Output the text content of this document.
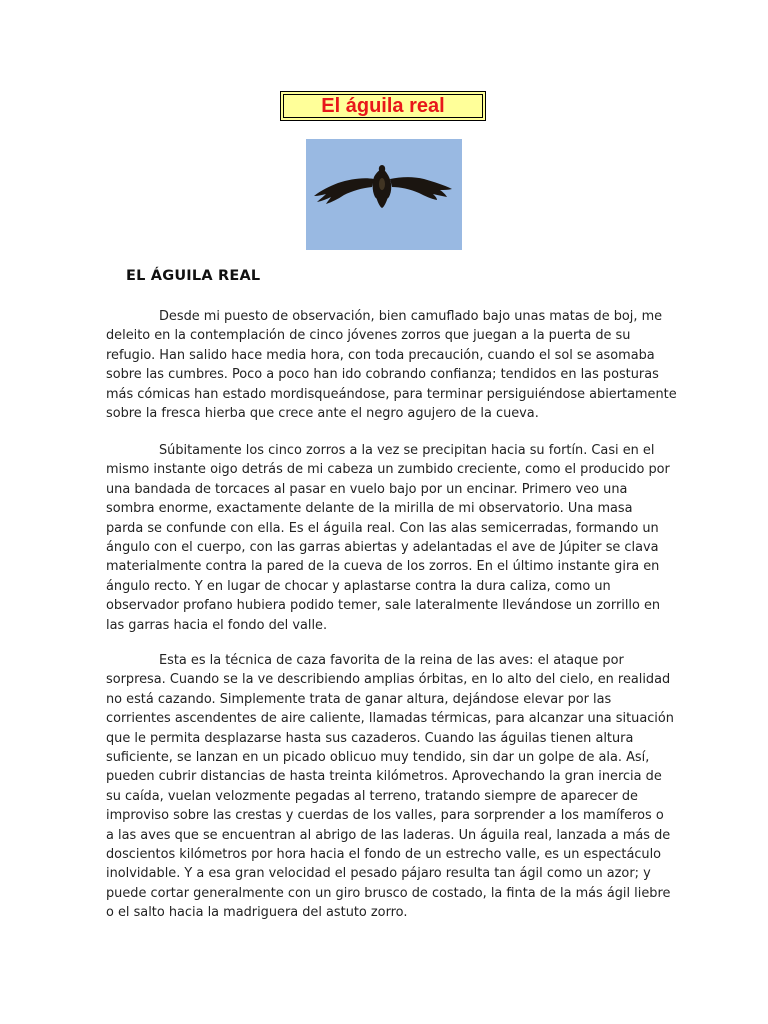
El águila real
EL ÁGUILA REAL
Desde mi puesto de observación, bien camuflado bajo unas matas de boj, me
deleito en la contemplación de cinco jóvenes zorros que juegan a la puerta de su
refugio. Han salido hace media hora, con toda precaución, cuando el sol se asomaba
sobre las cumbres. Poco a poco han ido cobrando confianza; tendidos en las posturas
más cómicas han estado mordisqueándose, para terminar persiguiéndose abiertamente
sobre la fresca hierba que crece ante el negro agujero de la cueva.
Súbitamente los cinco zorros a la vez se precipitan hacia su fortín. Casi en el
mismo instante oigo detrás de mi cabeza un zumbido creciente, como el producido por
una bandada de torcaces al pasar en vuelo bajo por un encinar. Primero veo una
sombra enorme, exactamente delante de la mirilla de mi observatorio. Una masa
parda se confunde con ella. Es el águila real. Con las alas semicerradas, formando un
ángulo con el cuerpo, con las garras abiertas y adelantadas el ave de Júpiter se clava
materialmente contra la pared de la cueva de los zorros. En el último instante gira en
ángulo recto. Y en lugar de chocar y aplastarse contra la dura caliza, como un
observador profano hubiera podido temer, sale lateralmente llevándose un zorrillo en
las garras hacia el fondo del valle.
Esta es la técnica de caza favorita de la reina de las aves: el ataque por
sorpresa. Cuando se la ve describiendo amplias órbitas, en lo alto del cielo, en realidad
no está cazando. Simplemente trata de ganar altura, dejándose elevar por las
corrientes ascendentes de aire caliente, llamadas térmicas, para alcanzar una situación
que le permita desplazarse hasta sus cazaderos. Cuando las águilas tienen altura
suficiente, se lanzan en un picado oblicuo muy tendido, sin dar un golpe de ala. Así,
pueden cubrir distancias de hasta treinta kilómetros. Aprovechando la gran inercia de
su caída, vuelan velozmente pegadas al terreno, tratando siempre de aparecer de
improviso sobre las crestas y cuerdas de los valles, para sorprender a los mamíferos o
a las aves que se encuentran al abrigo de las laderas. Un águila real, lanzada a más de
doscientos kilómetros por hora hacia el fondo de un estrecho valle, es un espectáculo
inolvidable. Y a esa gran velocidad el pesado pájaro resulta tan ágil como un azor; y
puede cortar generalmente con un giro brusco de costado, la finta de la más ágil liebre
o el salto hacia la madriguera del astuto zorro.
